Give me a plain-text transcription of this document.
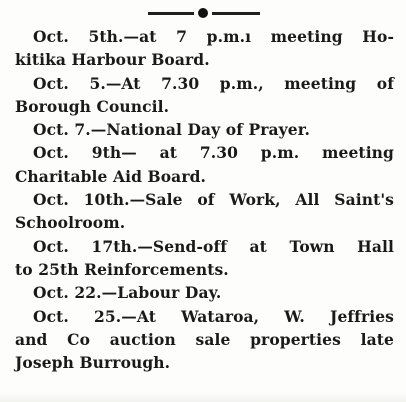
Oct. 5th.—at 7 p.m.ı meeting Ho-
kitika Harbour Board.
Oct. 5.—At 7.30 p.m., meeting of
Borough Council.
Oct. 7.—National Day of Prayer.
Oct. 9th— at 7.30 p.m. meeting
Charitable Aid Board.
Oct. 10th.—Sale of Work, All Saint's
Schoolroom.
Oct. 17th.—Send-off at Town Hall
to 25th Reinforcements.
Oct. 22.—Labour Day.
Oct. 25.—At Wataroa, W. Jeffries
and Co auction sale properties late
Joseph Burrough.
